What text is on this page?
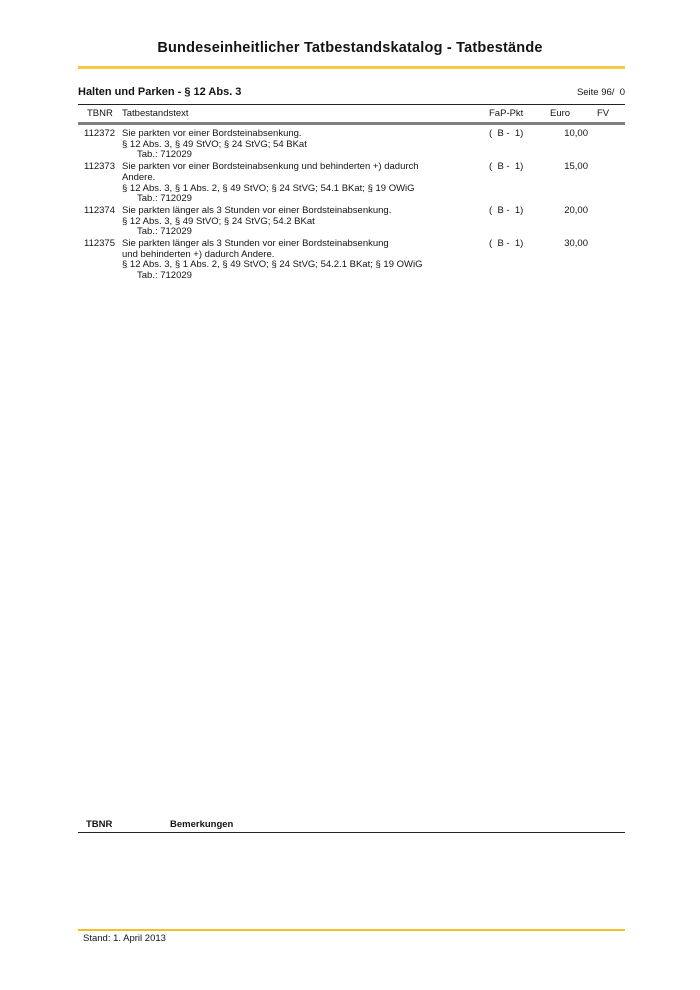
Bundeseinheitlicher Tatbestandskatalog - Tatbestände
Halten und Parken - § 12 Abs. 3	Seite 96/  0
TBNR Tatbestandstext	FaP-Pkt	Euro	FV
112372 Sie parkten vor einer Bordsteinabsenkung.
§ 12 Abs. 3, § 49 StVO; § 24 StVG; 54 BKat
Tab.: 712029
(  B -  1)	10,00
112373 Sie parkten vor einer Bordsteinabsenkung und behinderten +) dadurch
Andere.
§ 12 Abs. 3, § 1 Abs. 2, § 49 StVO; § 24 StVG; 54.1 BKat; § 19 OWiG
Tab.: 712029
(  B -  1)	15,00
112374 Sie parkten länger als 3 Stunden vor einer Bordsteinabsenkung.
§ 12 Abs. 3, § 49 StVO; § 24 StVG; 54.2 BKat
Tab.: 712029
(  B -  1)	20,00
112375 Sie parkten länger als 3 Stunden vor einer Bordsteinabsenkung
und behinderten +) dadurch Andere.
§ 12 Abs. 3, § 1 Abs. 2, § 49 StVO; § 24 StVG; 54.2.1 BKat; § 19 OWiG
Tab.: 712029
(  B -  1)	30,00
TBNR	Bemerkungen
Stand: 1. April 2013
